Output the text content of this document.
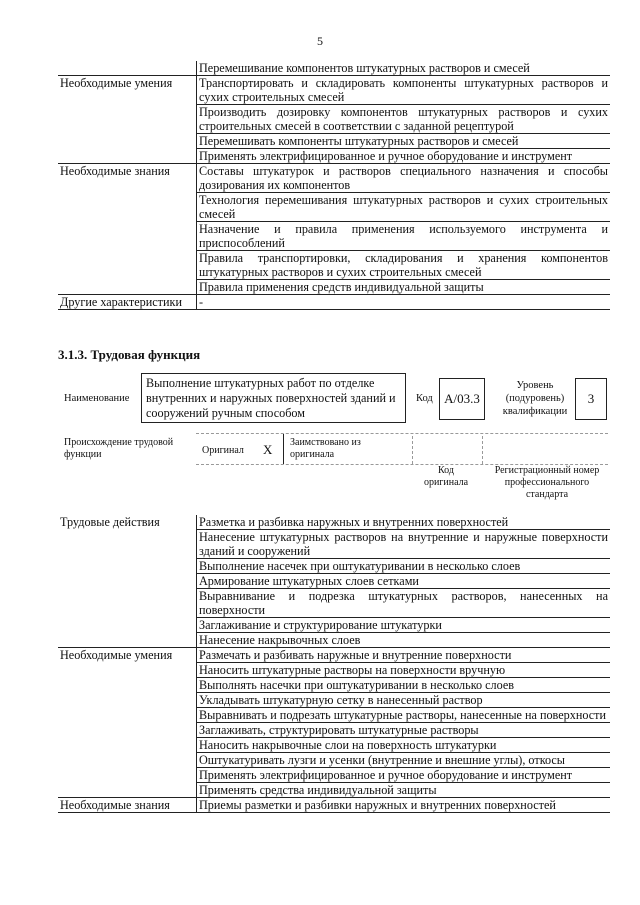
5
	Перемешивание компонентов штукатурных растворов и смесей
Необходимые умения	Транспортировать и складировать компоненты штукатурных растворов и сухих строительных смесей
	Производить дозировку компонентов штукатурных растворов и сухих строительных смесей в соответствии с заданной рецептурой
	Перемешивать компоненты штукатурных растворов и смесей
	Применять электрифицированное и ручное оборудование и инструмент
Необходимые знания	Составы штукатурок и растворов специального назначения и способы дозирования их компонентов
	Технология перемешивания штукатурных растворов и сухих строительных смесей
	Назначение и правила применения используемого инструмента и приспособлений
	Правила транспортировки, складирования и хранения компонентов штукатурных растворов и сухих строительных смесей
	Правила применения средств индивидуальной защиты
Другие характеристики	-
3.1.3. Трудовая функция
Наименование
Выполнение штукатурных работ по отделке внутренних и наружных поверхностей зданий и сооружений ручным способом
Код А/03.3
Уровень (подуровень) квалификации
3
Происхождение трудовой функции	Оригинал X Заимствовано из оригинала
Код оригинала
Регистрационный номер профессионального стандарта
Трудовые действия	Разметка и разбивка наружных и внутренних поверхностей
	Нанесение штукатурных растворов на внутренние и наружные поверхности зданий и сооружений
	Выполнение насечек при оштукатуривании в несколько слоев
	Армирование штукатурных слоев сетками
	Выравнивание и подрезка штукатурных растворов, нанесенных на поверхности
	Заглаживание и структурирование штукатурки
	Нанесение накрывочных слоев
Необходимые умения	Размечать и разбивать наружные и внутренние поверхности
	Наносить штукатурные растворы на поверхности вручную
	Выполнять насечки при оштукатуривании в несколько слоев
	Укладывать штукатурную сетку в нанесенный раствор
	Выравнивать и подрезать штукатурные растворы, нанесенные на поверхности
	Заглаживать, структурировать штукатурные растворы
	Наносить накрывочные слои на поверхность штукатурки
	Оштукатуривать лузги и усенки (внутренние и внешние углы), откосы
	Применять электрифицированное и ручное оборудование и инструмент
	Применять средства индивидуальной защиты
Необходимые знания	Приемы разметки и разбивки наружных и внутренних поверхностей
